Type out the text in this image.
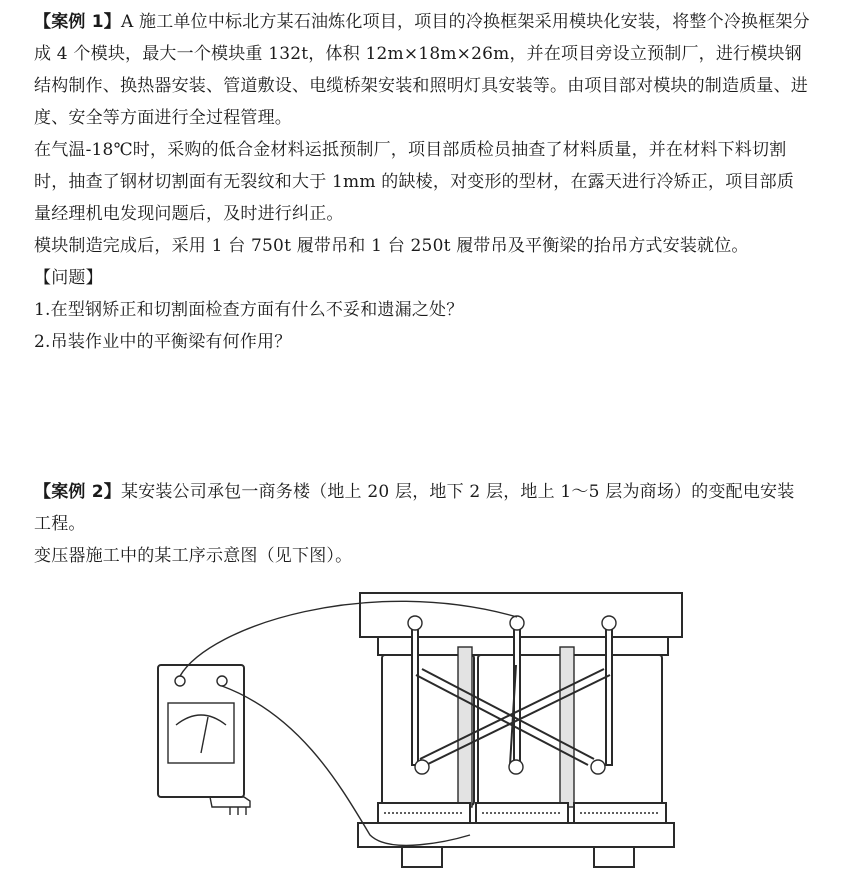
【案例 1】A 施工单位中标北方某石油炼化项目，项目的冷换框架采用模块化安装，将整个冷换框架分成 4 个模块，最大一个模块重 132t，体积 12m×18m×26m，并在项目旁设立预制厂，进行模块钢结构制作、换热器安装、管道敷设、电缆桥架安装和照明灯具安装等。由项目部对模块的制造质量、进度、安全等方面进行全过程管理。

在气温-18℃时，采购的低合金材料运抵预制厂，项目部质检员抽查了材料质量，并在材料下料切割时，抽查了钢材切割面有无裂纹和大于 1mm 的缺棱，对变形的型材，在露天进行冷矫正，项目部质量经理机电发现问题后，及时进行纠正。

模块制造完成后，采用 1 台 750t 履带吊和 1 台 250t 履带吊及平衡梁的抬吊方式安装就位。

【问题】

1.在型钢矫正和切割面检查方面有什么不妥和遗漏之处？

2.吊装作业中的平衡梁有何作用？

【案例 2】某安装公司承包一商务楼（地上 20 层，地下 2 层，地上 1～5 层为商场）的变配电安装工程。

变压器施工中的某工序示意图（见下图）。
